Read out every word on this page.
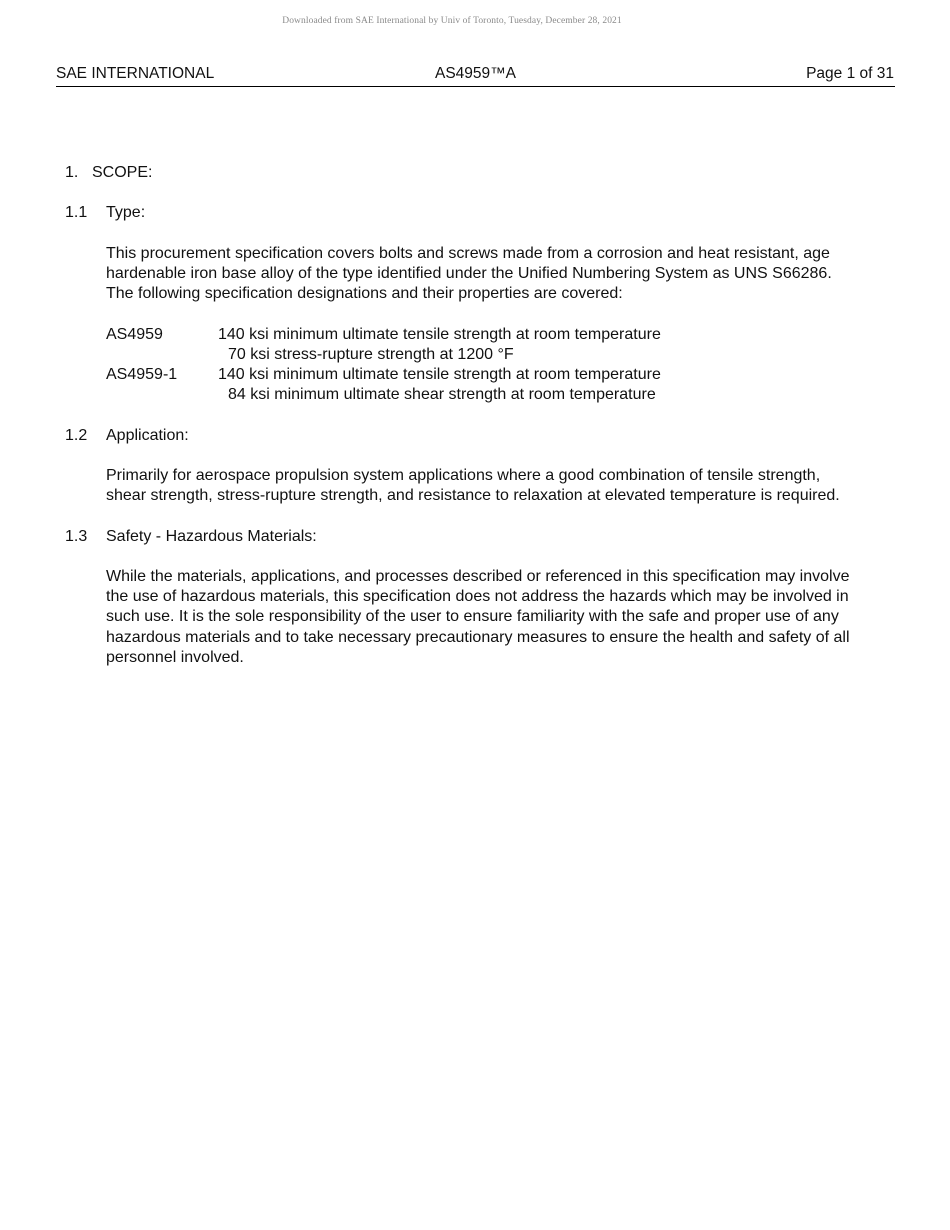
Downloaded from SAE International by Univ of Toronto, Tuesday, December 28, 2021
SAE INTERNATIONAL	AS4959™A	Page 1 of 31
1. SCOPE:
1.1	Type:

This procurement specification covers bolts and screws made from a corrosion and heat resistant, age hardenable iron base alloy of the type identified under the Unified Numbering System as UNS S66286. The following specification designations and their properties are covered:

AS4959	140 ksi minimum ultimate tensile strength at room temperature
70 ksi stress-rupture strength at 1200 °F
AS4959-1	140 ksi minimum ultimate tensile strength at room temperature
84 ksi minimum ultimate shear strength at room temperature
1.2	Application:

Primarily for aerospace propulsion system applications where a good combination of tensile strength, shear strength, stress-rupture strength, and resistance to relaxation at elevated temperature is required.

1.3	Safety - Hazardous Materials:

While the materials, applications, and processes described or referenced in this specification may involve the use of hazardous materials, this specification does not address the hazards which may be involved in such use. It is the sole responsibility of the user to ensure familiarity with the safe and proper use of any hazardous materials and to take necessary precautionary measures to ensure the health and safety of all personnel involved.
